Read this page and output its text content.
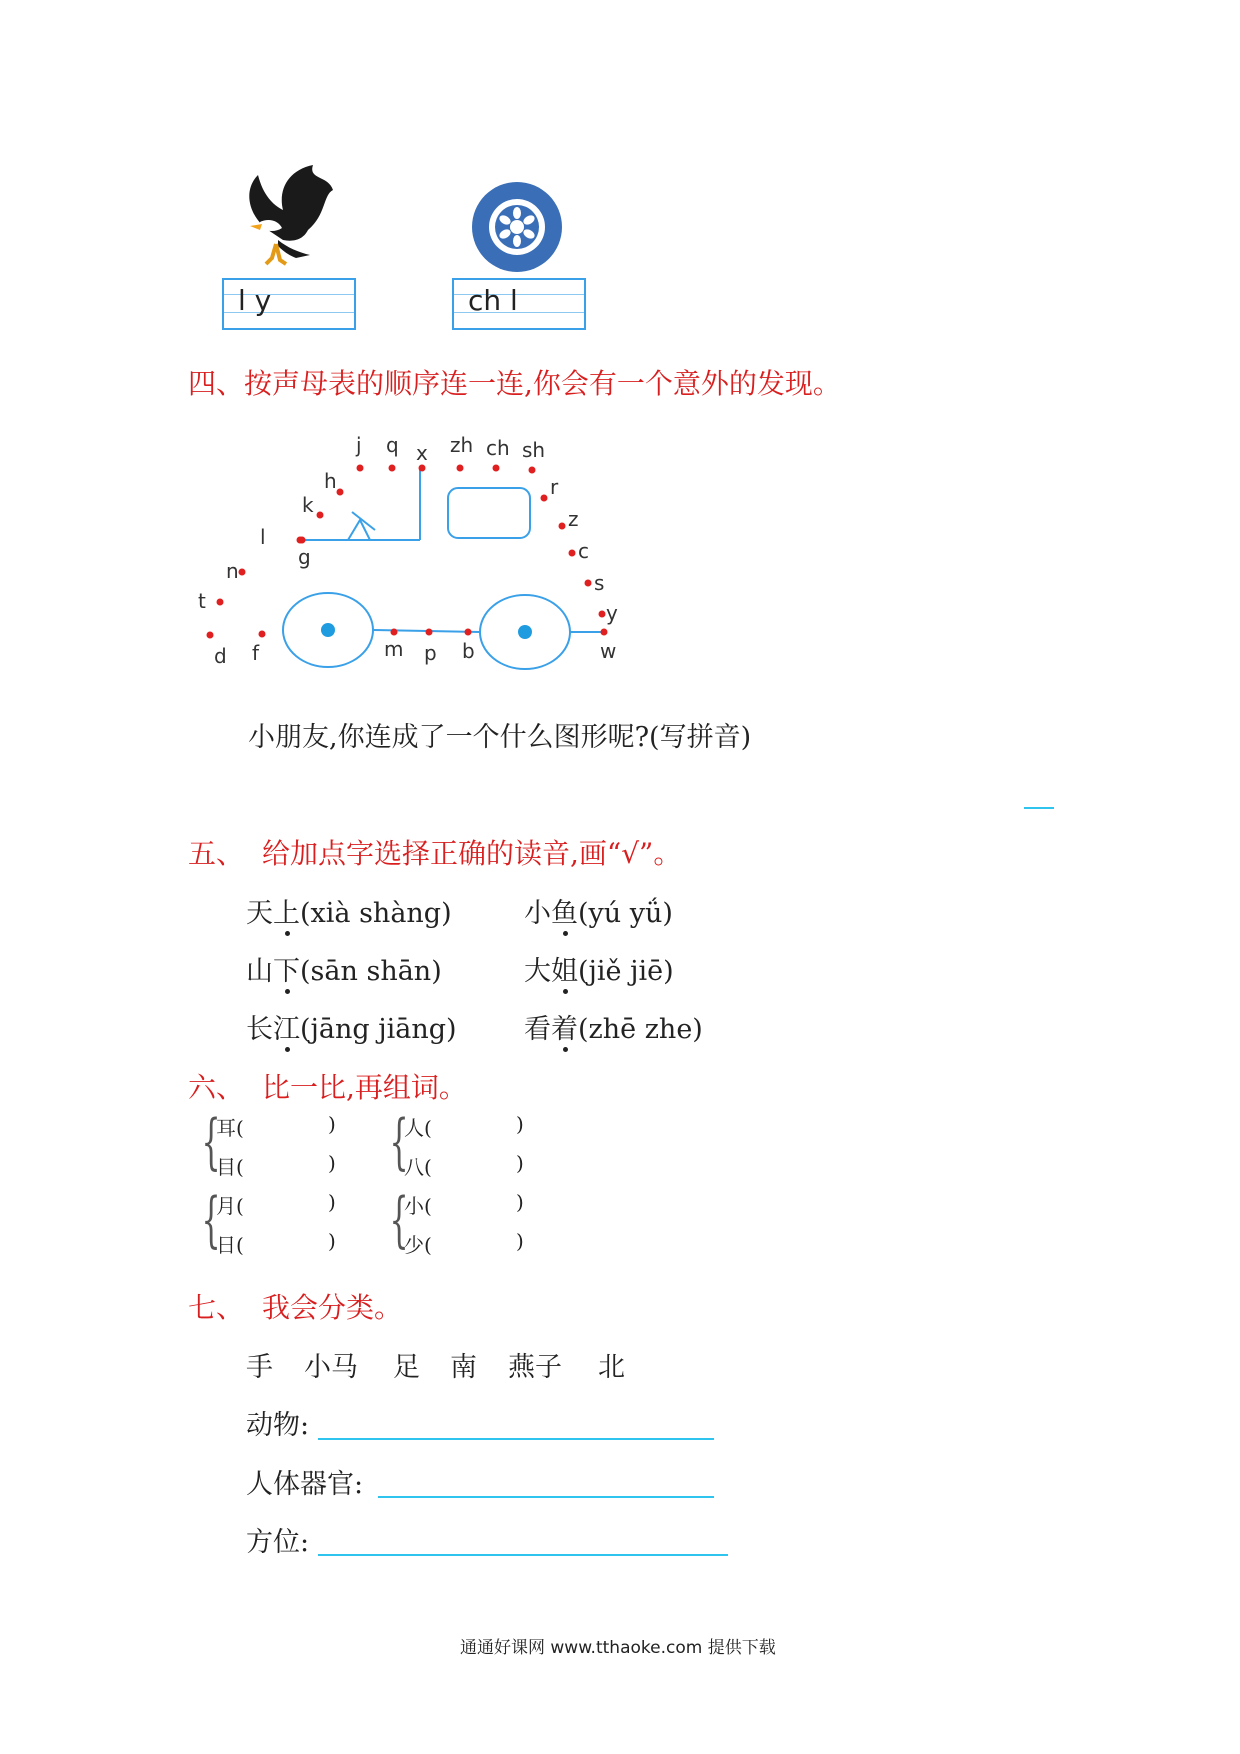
l y	ch l
四、按声母表的顺序连一连,你会有一个意外的发现。
j q x zh ch sh
h	r
k
z
l
c
g
n	s
t	y
d f	m p b	w
小朋友,你连成了一个什么图形呢?(写拼音)
五、 给加点字选择正确的读音,画“√”。
天上(xià shàng)	小鱼(yú yǘ)
山下(sān shān)	大姐(jiě jiē)
长江(jāng jiāng) 看着(zhē zhe)
六、 比一比,再组词。
{
耳(	)
目(	) {
人(	)
八(	)
{
月(	)
日(	) {
小(	)
少(	)
七、 我会分类。
手 小马 足 南 燕子 北
动物:
人体器官:
方位:
通通好课网 www.tthaoke.com 提供下载
